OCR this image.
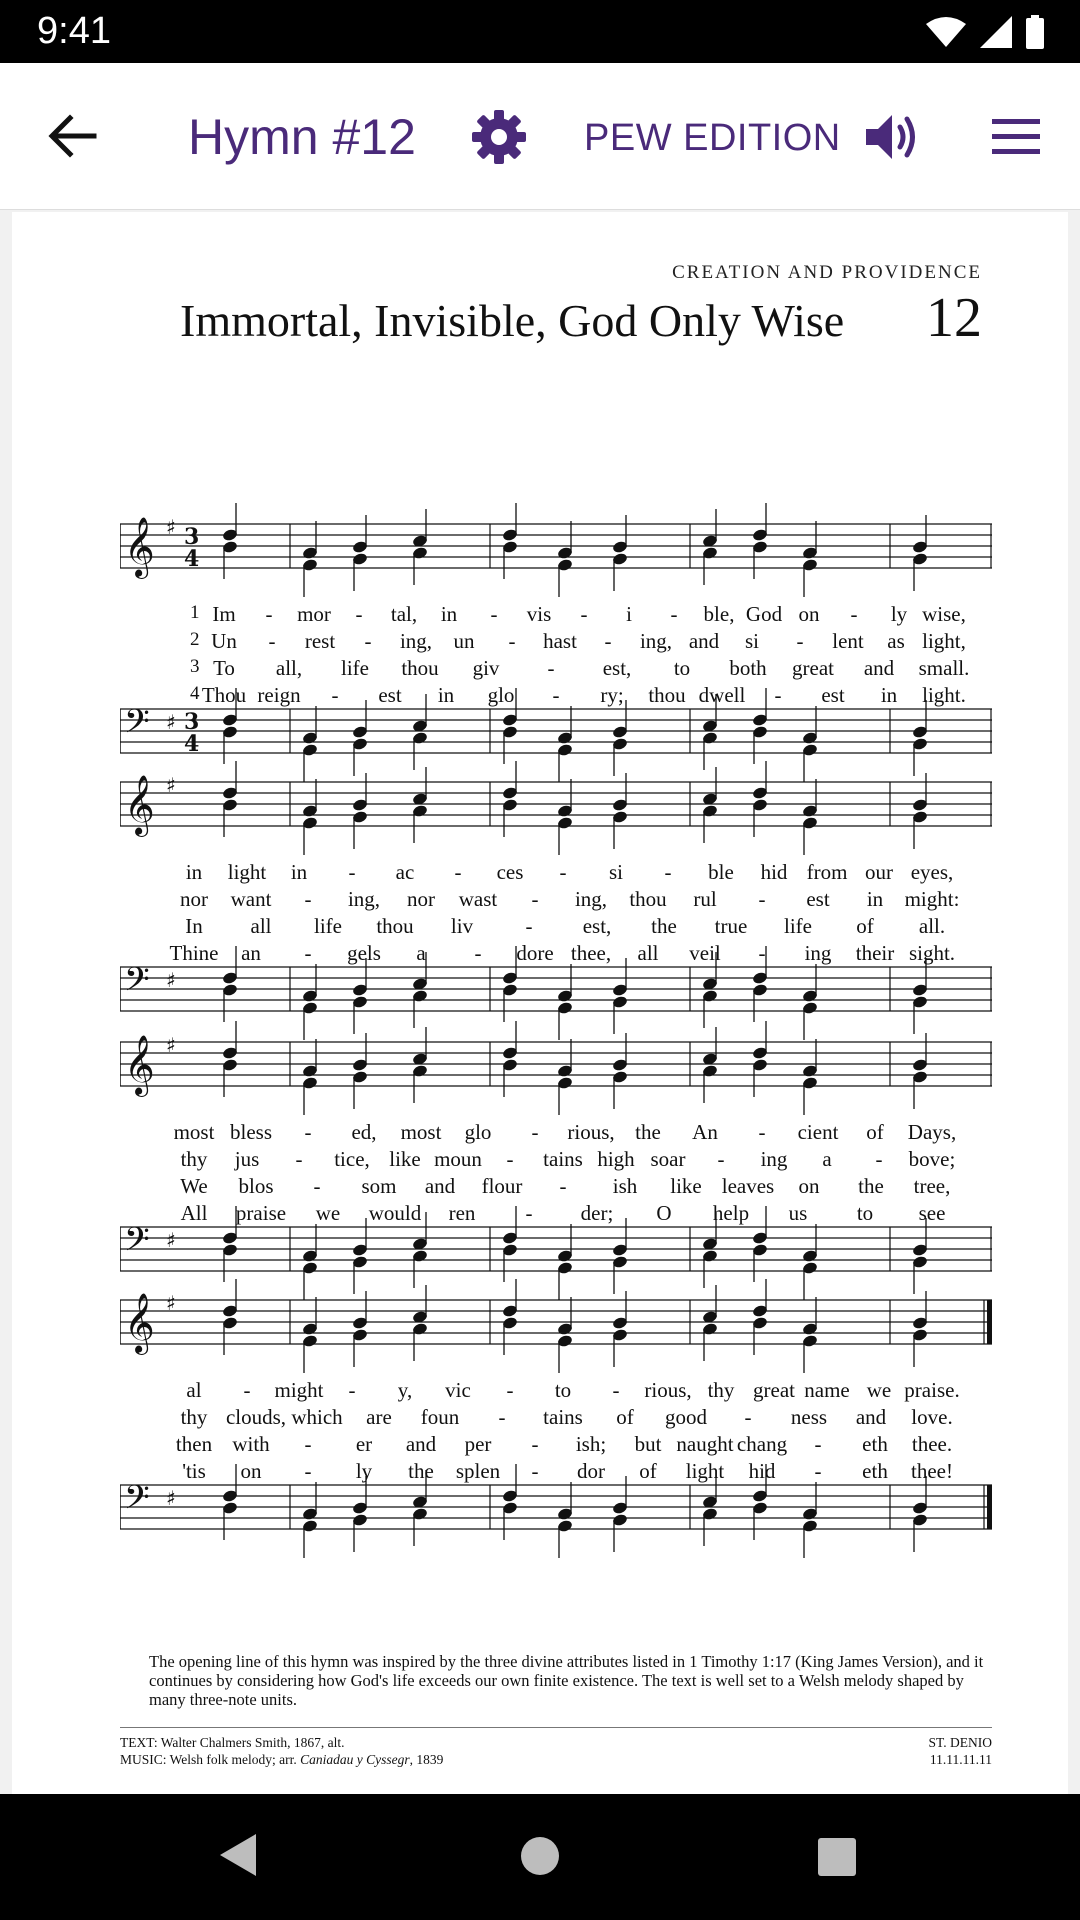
9:41
Hymn #12	PEW EDITION
CREATION AND PROVIDENCE
Immortal, Invisible, God Only Wise 12
𝄞 ♯ 3
4
𝄢 ♯ 3
4
1 Im - mor - tal, in - vis - i - ble, God on - ly wise,
2 Un - rest - ing, un - hast - ing, and si - lent as light,
3 To all, life thou giv - est, to both great and small.
4 Thou reign - est in glo - ry; thou dwell - est in light.
𝄞 ♯
𝄢 ♯
in light in - ac - ces - si - ble hid from our eyes,
nor want - ing, nor wast - ing, thou rul - est in might:
In all life thou liv - est, the true life of all.
Thine an - gels a - dore thee, all veil - ing their sight.
𝄞 ♯
𝄢 ♯
most bless - ed, most glo - rious, the An - cient of Days,
thy jus - tice, like moun - tains high soar - ing a - bove;
We blos - som and flour - ish like leaves on the tree,
All praise we would ren - der; O help us to see
𝄞 ♯
𝄢 ♯
al - might - y, vic - to - rious, thy great name we praise.
thy clouds, which are foun - tains of good - ness and love.
then with - er and per - ish; but naught chang - eth thee.
'tis on - ly the splen - dor of light hid - eth thee!
The opening line of this hymn was inspired by the three divine attributes listed in 1 Timothy 1:17 (King James Version), and it continues by considering how God's life exceeds our own finite existence. The text is well set to a Welsh melody shaped by many three-note units.
TEXT: Walter Chalmers Smith, 1867, alt.
MUSIC: Welsh folk melody; arr. Caniadau y Cyssegr, 1839
ST. DENIO
11.11.11.11
